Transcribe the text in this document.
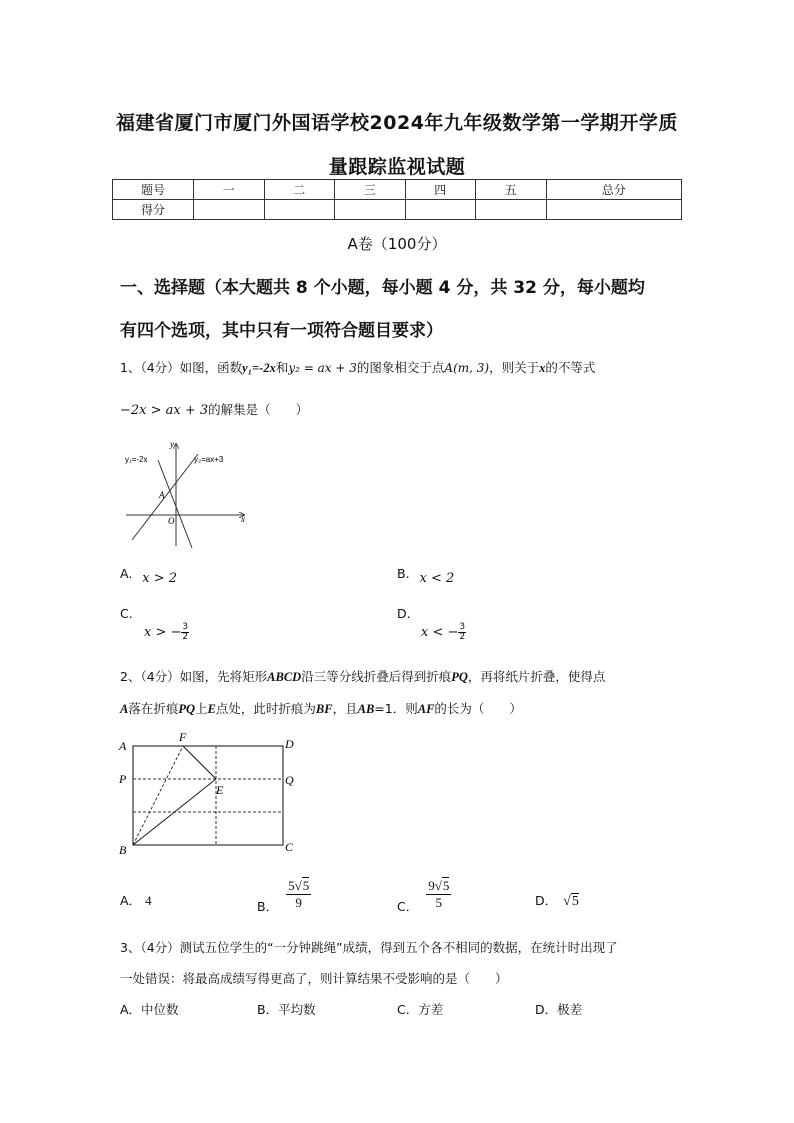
福建省厦门市厦门外国语学校2024年九年级数学第一学期开学质
量跟踪监视试题
题号	一	二	三	四	五	总分
得分						
A卷（100分）
一、选择题（本大题共 8 个小题，每小题 4 分，共 32 分，每小题均
有四个选项，其中只有一项符合题目要求）
1、（4分）如图，函数y₁=-2x和y₂ = ax + 3的图象相交于点A(m, 3)，则关于x的不等式
−2x > ax + 3的解集是（　　）
y₁=-2x	y₂=ax+3
A
O	x
y
A. x > 2	B. x < 2
C.
x > − $\frac{3}{2}$
D.
x < − $\frac{3}{2}$
2、（4分）如图，先将矩形ABCD沿三等分线折叠后得到折痕PQ，再将纸片折叠，使得点
A落在折痕PQ上E点处，此时折痕为BF，且AB=1．则AF的长为（　　）
A
F	D
P	Q
E
B	C
A． 4	B． $\frac{5√5}{9}$	C． $\frac{9√5}{5}$	D． √5
3、（4分）测试五位学生的“一分钟跳绳”成绩，得到五个各不相同的数据，在统计时出现了
一处错误：将最高成绩写得更高了，则计算结果不受影响的是（　　）
A．中位数	B．平均数	C．方差	D．极差
